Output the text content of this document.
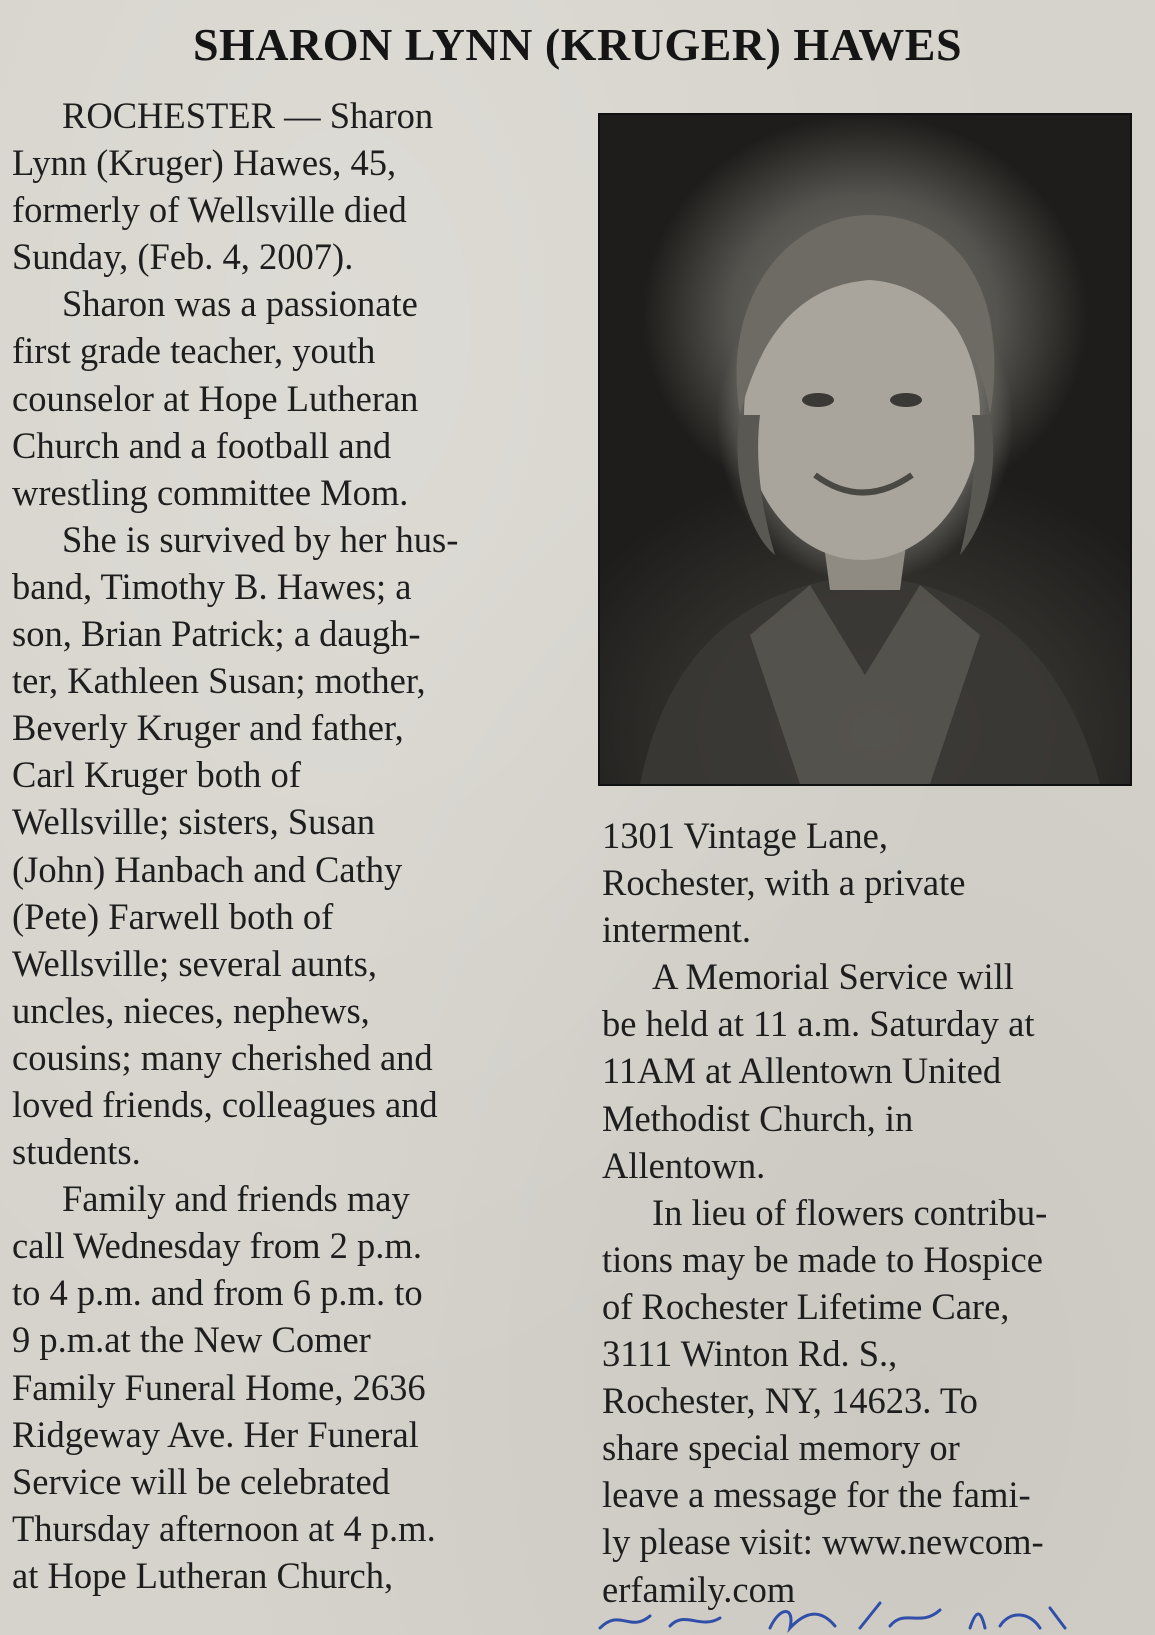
SHARON LYNN (KRUGER) HAWES
ROCHESTER — Sharon
Lynn (Kruger) Hawes, 45,
formerly of Wellsville died
Sunday, (Feb. 4, 2007).
Sharon was a passionate
first grade teacher, youth
counselor at Hope Lutheran
Church and a football and
wrestling committee Mom.
She is survived by her hus-
band, Timothy B. Hawes; a
son, Brian Patrick; a daugh-
ter, Kathleen Susan; mother,
Beverly Kruger and father,
Carl Kruger both of
Wellsville; sisters, Susan
(John) Hanbach and Cathy
(Pete) Farwell both of
Wellsville; several aunts,
uncles, nieces, nephews,
cousins; many cherished and
loved friends, colleagues and
students.
Family and friends may
call Wednesday from 2 p.m.
to 4 p.m. and from 6 p.m. to
9 p.m.at the New Comer
Family Funeral Home, 2636
Ridgeway Ave. Her Funeral
Service will be celebrated
Thursday afternoon at 4 p.m.
at Hope Lutheran Church,
1301 Vintage Lane,
Rochester, with a private
interment.
A Memorial Service will
be held at 11 a.m. Saturday at
11AM at Allentown United
Methodist Church, in
Allentown.
In lieu of flowers contribu-
tions may be made to Hospice
of Rochester Lifetime Care,
3111 Winton Rd. S.,
Rochester, NY, 14623. To
share special memory or
leave a message for the fami-
ly please visit: www.newcom-
erfamily.com
